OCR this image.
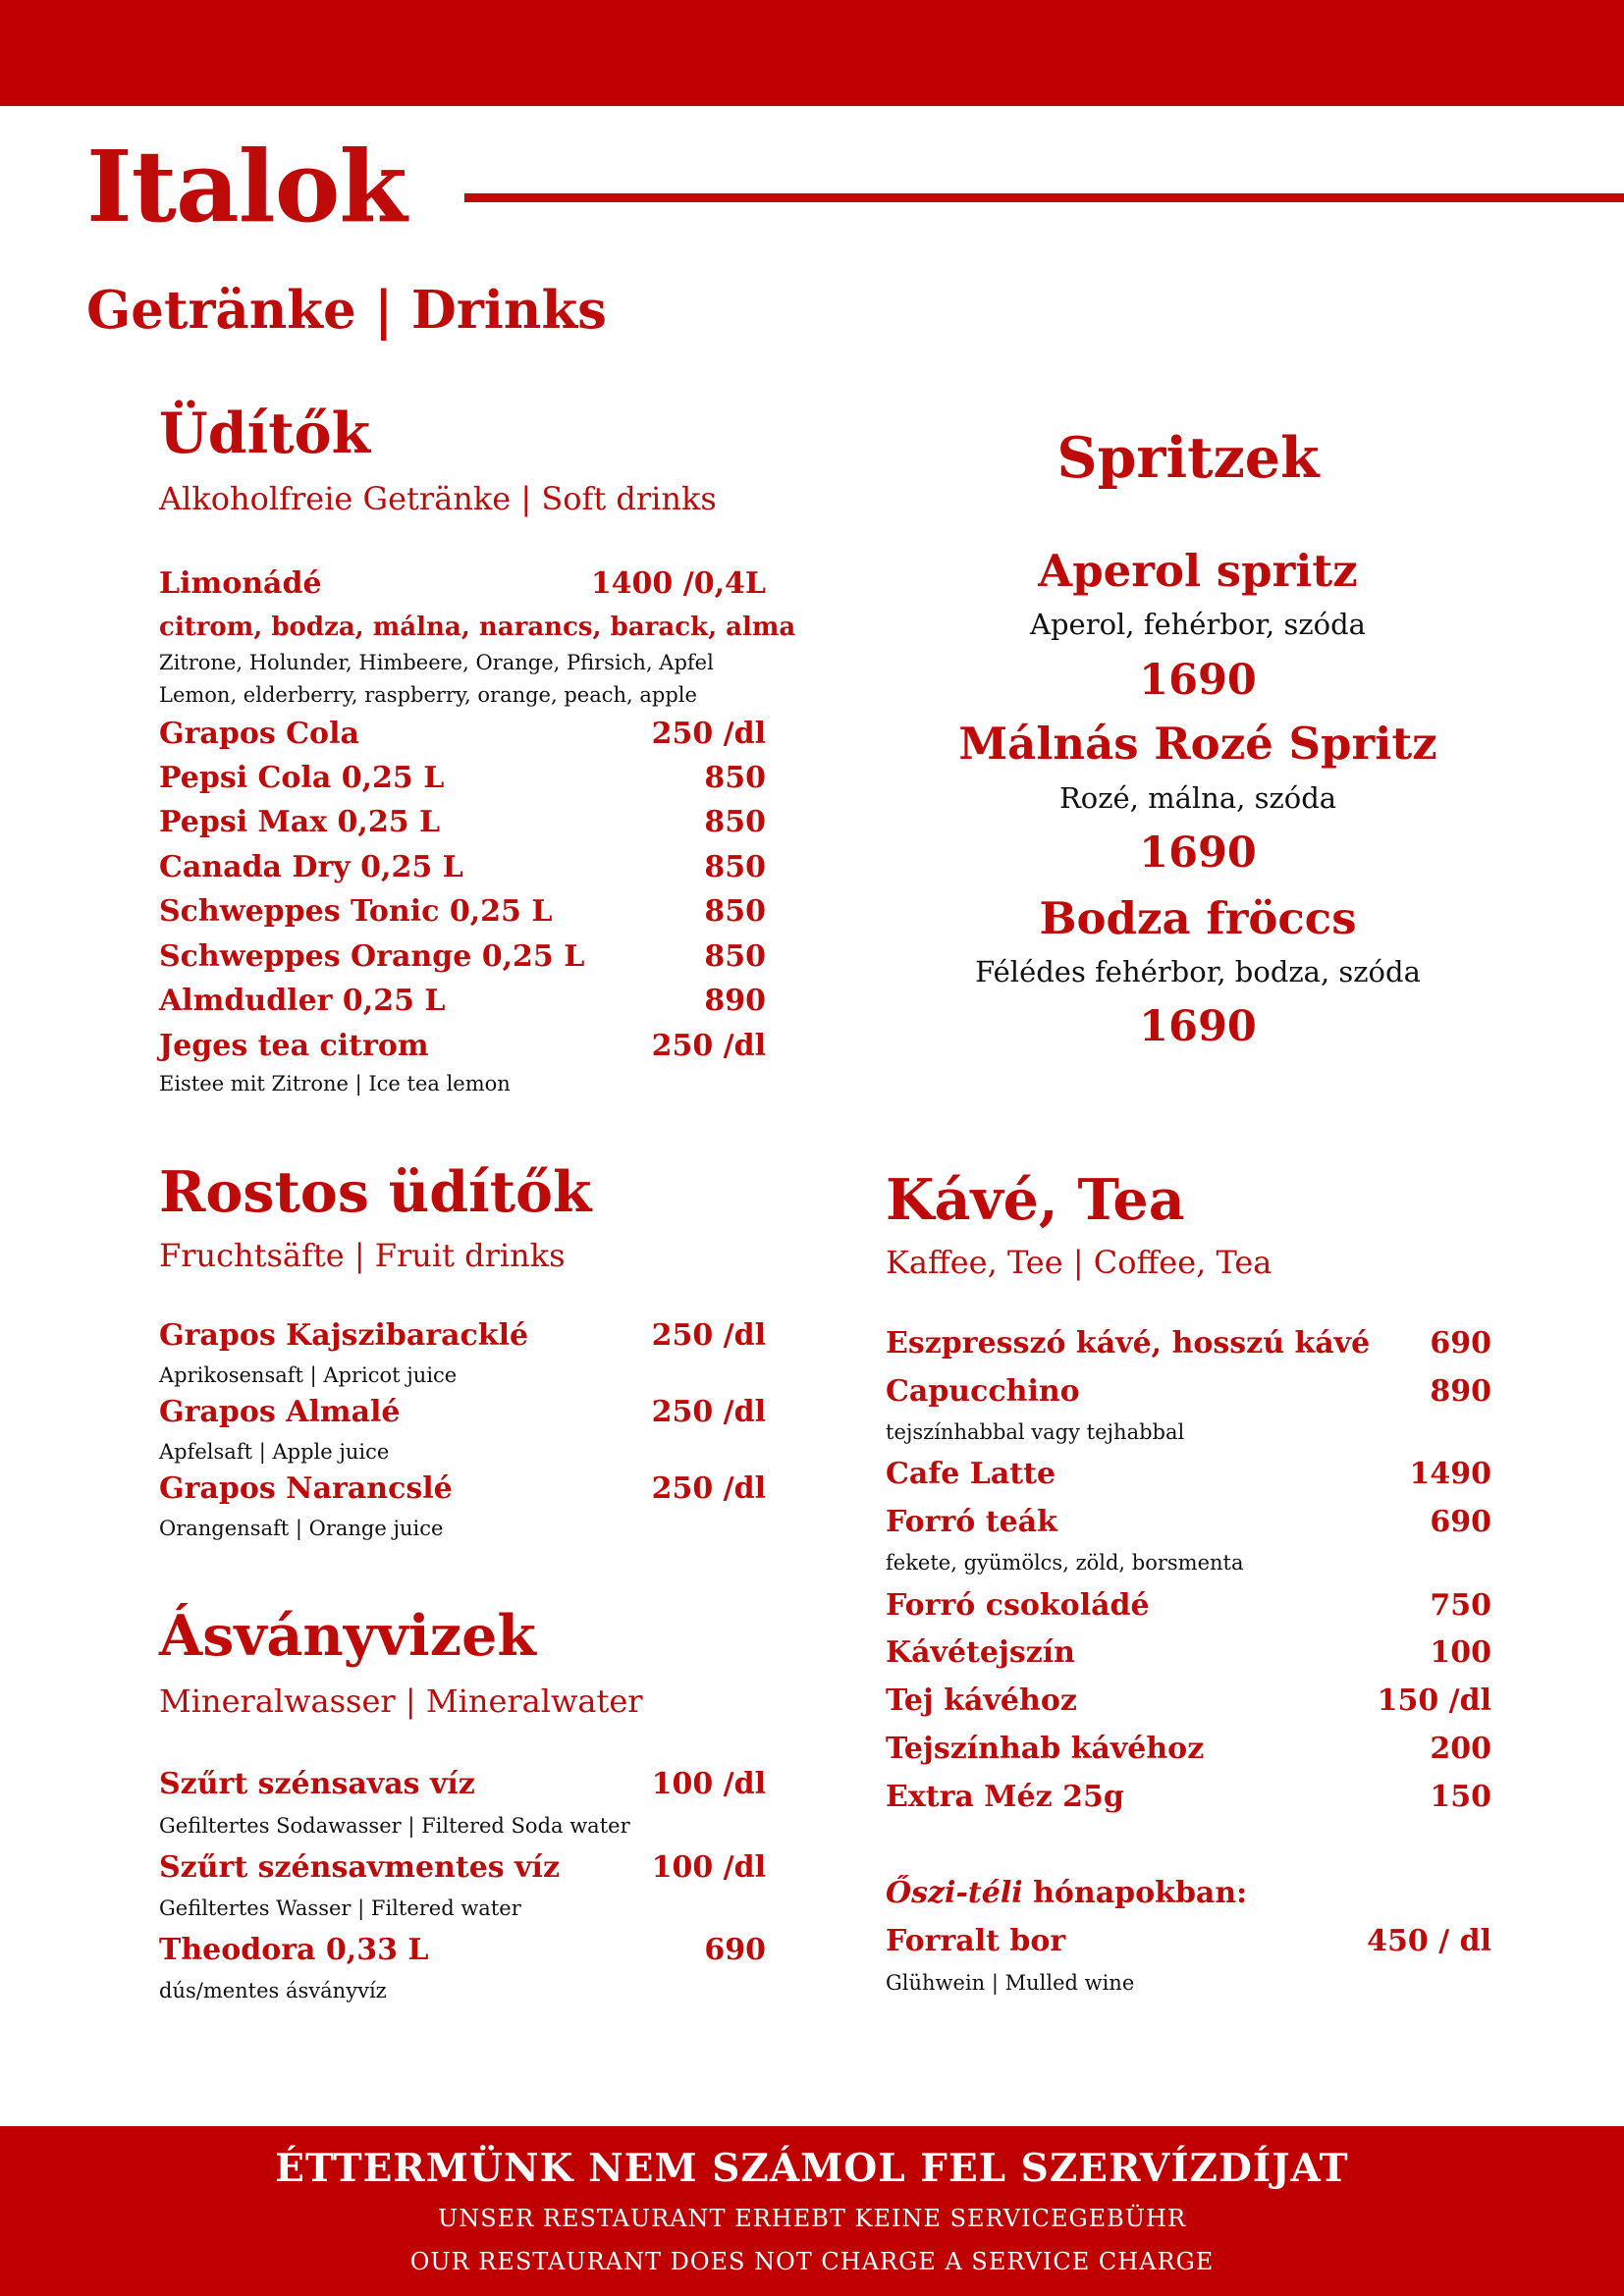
Italok
Getränke | Drinks
Üdítők
Alkoholfreie Getränke | Soft drinks
Limonádé	1400 /0,4L
citrom, bodza, málna, narancs, barack, alma
Zitrone, Holunder, Himbeere, Orange, Pfirsich, Apfel
Lemon, elderberry, raspberry, orange, peach, apple
Grapos Cola	250 /dl
Pepsi Cola 0,25 L	850
Pepsi Max 0,25 L	850
Canada Dry 0,25 L	850
Schweppes Tonic 0,25 L	850
Schweppes Orange 0,25 L	850
Almdudler 0,25 L	890
Jeges tea citrom	250 /dl
Eistee mit Zitrone | Ice tea lemon
Spritzek
Aperol spritz
Aperol, fehérbor, szóda
1690
Málnás Rozé Spritz
Rozé, málna, szóda
1690
Bodza fröccs
Félédes fehérbor, bodza, szóda
1690
Rostos üdítők
Fruchtsäfte | Fruit drinks
Grapos Kajszibaracklé	250 /dl
Aprikosensaft | Apricot juice
Grapos Almalé	250 /dl
Apfelsaft | Apple juice
Grapos Narancslé	250 /dl
Orangensaft | Orange juice
Ásványvizek
Mineralwasser | Mineralwater
Szűrt szénsavas víz	100 /dl
Gefiltertes Sodawasser | Filtered Soda water
Szűrt szénsavmentes víz	100 /dl
Gefiltertes Wasser | Filtered water
Theodora 0,33 L	690
dús/mentes ásványvíz
Kávé, Tea
Kaffee, Tee | Coffee, Tea
Eszpresszó kávé, hosszú kávé 690
Capucchino	890
tejszínhabbal vagy tejhabbal
Cafe Latte	1490
Forró teák	690
fekete, gyümölcs, zöld, borsmenta
Forró csokoládé	750
Kávétejszín	100
Tej kávéhoz	150 /dl
Tejszínhab kávéhoz	200
Extra Méz 25g	150
Őszi-téli hónapokban:
Forralt bor	450 / dl
Glühwein | Mulled wine
ÉTTERMÜNK NEM SZÁMOL FEL SZERVÍZDÍJAT
UNSER RESTAURANT ERHEBT KEINE SERVICEGEBÜHR
OUR RESTAURANT DOES NOT CHARGE A SERVICE CHARGE
